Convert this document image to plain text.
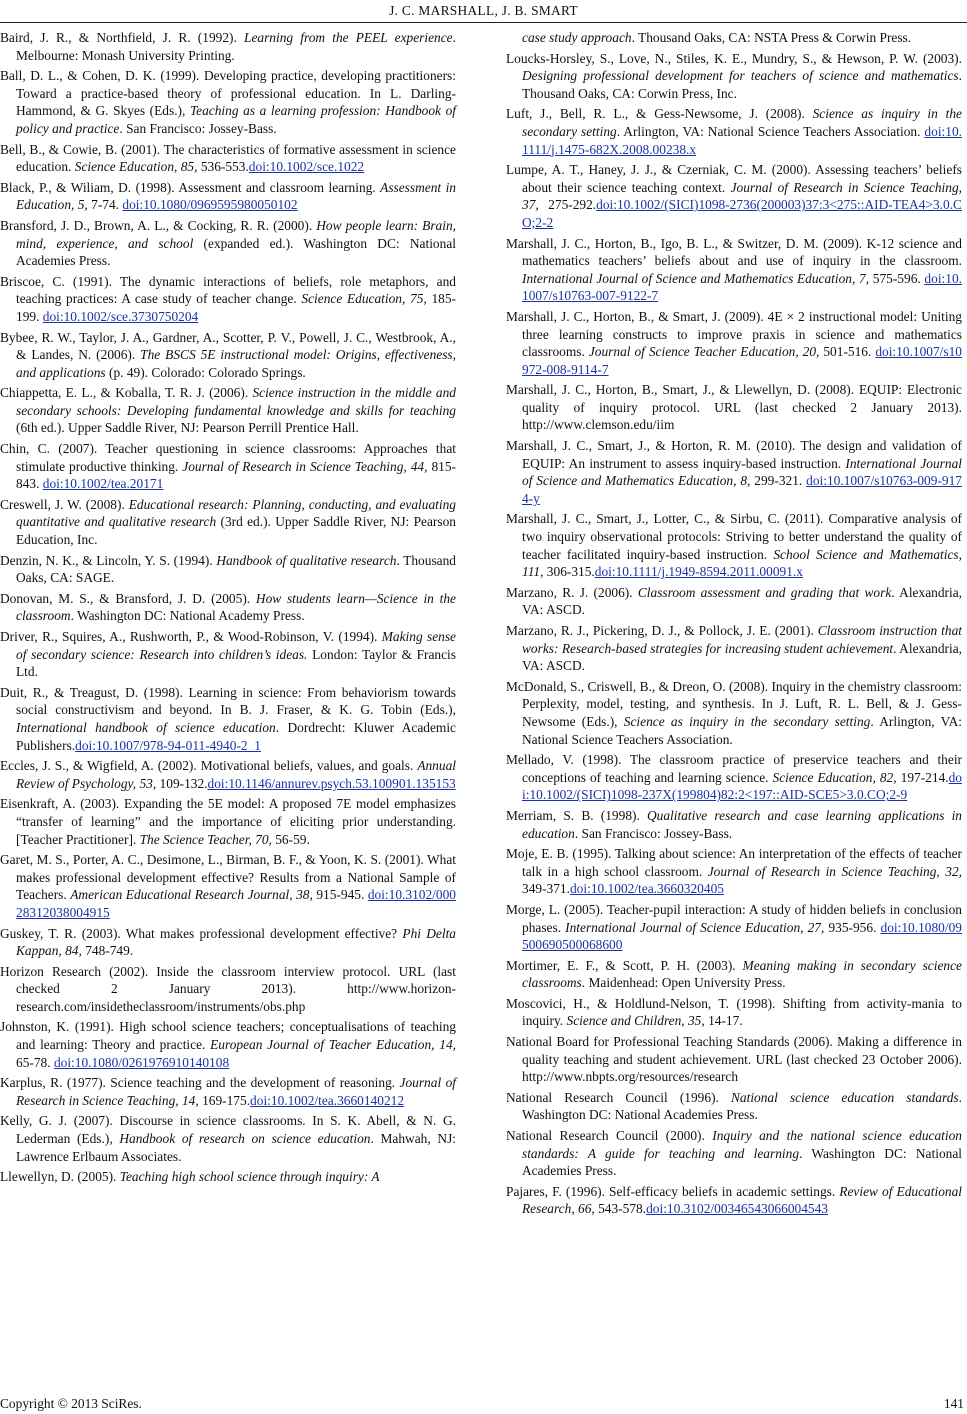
J. C. MARSHALL, J. B. SMART
Baird, J. R., & Northfield, J. R. (1992). Learning from the PEEL experience. Melbourne: Monash University Printing.
Ball, D. L., & Cohen, D. K. (1999). Developing practice, developing practitioners: Toward a practice-based theory of professional education. In L. Darling-Hammond, & G. Skyes (Eds.), Teaching as a learning profession: Handbook of policy and practice. San Francisco: Jossey-Bass.
Bell, B., & Cowie, B. (2001). The characteristics of formative assessment in science education. Science Education, 85, 536-553.doi:10.1002/sce.1022
Black, P., & Wiliam, D. (1998). Assessment and classroom learning. Assessment in Education, 5, 7-74. doi:10.1080/0969595980050102
Bransford, J. D., Brown, A. L., & Cocking, R. R. (2000). How people learn: Brain, mind, experience, and school (expanded ed.). Washington DC: National Academies Press.
Briscoe, C. (1991). The dynamic interactions of beliefs, role metaphors, and teaching practices: A case study of teacher change. Science Education, 75, 185-199. doi:10.1002/sce.3730750204
Bybee, R. W., Taylor, J. A., Gardner, A., Scotter, P. V., Powell, J. C., Westbrook, A., & Landes, N. (2006). The BSCS 5E instructional model: Origins, effectiveness, and applications (p. 49). Colorado: Colorado Springs.
Chiappetta, E. L., & Koballa, T. R. J. (2006). Science instruction in the middle and secondary schools: Developing fundamental knowledge and skills for teaching (6th ed.). Upper Saddle River, NJ: Pearson Perrill Prentice Hall.
Chin, C. (2007). Teacher questioning in science classrooms: Approaches that stimulate productive thinking. Journal of Research in Science Teaching, 44, 815-843. doi:10.1002/tea.20171
Creswell, J. W. (2008). Educational research: Planning, conducting, and evaluating quantitative and qualitative research (3rd ed.). Upper Saddle River, NJ: Pearson Education, Inc.
Denzin, N. K., & Lincoln, Y. S. (1994). Handbook of qualitative research. Thousand Oaks, CA: SAGE.
Donovan, M. S., & Bransford, J. D. (2005). How students learn—Science in the classroom. Washington DC: National Academy Press.
Driver, R., Squires, A., Rushworth, P., & Wood-Robinson, V. (1994). Making sense of secondary science: Research into children’s ideas. London: Taylor & Francis Ltd.
Duit, R., & Treagust, D. (1998). Learning in science: From behaviorism towards social constructivism and beyond. In B. J. Fraser, & K. G. Tobin (Eds.), International handbook of science education. Dordrecht: Kluwer Academic Publishers.doi:10.1007/978-94-011-4940-2_1
Eccles, J. S., & Wigfield, A. (2002). Motivational beliefs, values, and goals. Annual Review of Psychology, 53, 109-132.doi:10.1146/annurev.psych.53.100901.135153
Eisenkraft, A. (2003). Expanding the 5E model: A proposed 7E model emphasizes “transfer of learning” and the importance of eliciting prior understanding. [Teacher Practitioner]. The Science Teacher, 70, 56-59.
Garet, M. S., Porter, A. C., Desimone, L., Birman, B. F., & Yoon, K. S. (2001). What makes professional development effective? Results from a National Sample of Teachers. American Educational Research Journal, 38, 915-945. doi:10.3102/00028312038004915
Guskey, T. R. (2003). What makes professional development effective? Phi Delta Kappan, 84, 748-749.
Horizon Research (2002). Inside the classroom interview protocol. URL (last checked 2 January 2013). http://www.horizon-research.com/insidetheclassroom/instruments/obs.php
Johnston, K. (1991). High school science teachers; conceptualisations of teaching and learning: Theory and practice. European Journal of Teacher Education, 14, 65-78. doi:10.1080/0261976910140108
Karplus, R. (1977). Science teaching and the development of reasoning. Journal of Research in Science Teaching, 14, 169-175.doi:10.1002/tea.3660140212
Kelly, G. J. (2007). Discourse in science classrooms. In S. K. Abell, & N. G. Lederman (Eds.), Handbook of research on science education. Mahwah, NJ: Lawrence Erlbaum Associates.
Llewellyn, D. (2005). Teaching high school science through inquiry: A
case study approach. Thousand Oaks, CA: NSTA Press & Corwin Press.
Loucks-Horsley, S., Love, N., Stiles, K. E., Mundry, S., & Hewson, P. W. (2003). Designing professional development for teachers of science and mathematics. Thousand Oaks, CA: Corwin Press, Inc.
Luft, J., Bell, R. L., & Gess-Newsome, J. (2008). Science as inquiry in the secondary setting. Arlington, VA: National Science Teachers Association. doi:10.1111/j.1475-682X.2008.00238.x
Lumpe, A. T., Haney, J. J., & Czerniak, C. M. (2000). Assessing teachers’ beliefs about their science teaching context. Journal of Research in Science Teaching, 37, 275-292.doi:10.1002/(SICI)1098-2736(200003)37:3<275::AID-TEA4>3.0.CO;2-2
Marshall, J. C., Horton, B., Igo, B. L., & Switzer, D. M. (2009). K-12 science and mathematics teachers’ beliefs about and use of inquiry in the classroom. International Journal of Science and Mathematics Education, 7, 575-596. doi:10.1007/s10763-007-9122-7
Marshall, J. C., Horton, B., & Smart, J. (2009). 4E × 2 instructional model: Uniting three learning constructs to improve praxis in science and mathematics classrooms. Journal of Science Teacher Education, 20, 501-516. doi:10.1007/s10972-008-9114-7
Marshall, J. C., Horton, B., Smart, J., & Llewellyn, D. (2008). EQUIP: Electronic quality of inquiry protocol. URL (last checked 2 January 2013). http://www.clemson.edu/iim
Marshall, J. C., Smart, J., & Horton, R. M. (2010). The design and validation of EQUIP: An instrument to assess inquiry-based instruction. International Journal of Science and Mathematics Education, 8, 299-321. doi:10.1007/s10763-009-9174-y
Marshall, J. C., Smart, J., Lotter, C., & Sirbu, C. (2011). Comparative analysis of two inquiry observational protocols: Striving to better understand the quality of teacher facilitated inquiry-based instruction. School Science and Mathematics, 111, 306-315.doi:10.1111/j.1949-8594.2011.00091.x
Marzano, R. J. (2006). Classroom assessment and grading that work. Alexandria, VA: ASCD.
Marzano, R. J., Pickering, D. J., & Pollock, J. E. (2001). Classroom instruction that works: Research-based strategies for increasing student achievement. Alexandria, VA: ASCD.
McDonald, S., Criswell, B., & Dreon, O. (2008). Inquiry in the chemistry classroom: Perplexity, model, testing, and synthesis. In J. Luft, R. L. Bell, & J. Gess-Newsome (Eds.), Science as inquiry in the secondary setting. Arlington, VA: National Science Teachers Association.
Mellado, V. (1998). The classroom practice of preservice teachers and their conceptions of teaching and learning science. Science Education, 82, 197-214.doi:10.1002/(SICI)1098-237X(199804)82:2<197::AID-SCE5>3.0.CO;2-9
Merriam, S. B. (1998). Qualitative research and case learning applications in education. San Francisco: Jossey-Bass.
Moje, E. B. (1995). Talking about science: An interpretation of the effects of teacher talk in a high school classroom. Journal of Research in Science Teaching, 32, 349-371.doi:10.1002/tea.3660320405
Morge, L. (2005). Teacher-pupil interaction: A study of hidden beliefs in conclusion phases. International Journal of Science Education, 27, 935-956. doi:10.1080/09500690500068600
Mortimer, E. F., & Scott, P. H. (2003). Meaning making in secondary science classrooms. Maidenhead: Open University Press.
Moscovici, H., & Holdlund-Nelson, T. (1998). Shifting from activity-mania to inquiry. Science and Children, 35, 14-17.
National Board for Professional Teaching Standards (2006). Making a difference in quality teaching and student achievement. URL (last checked 23 October 2006). http://www.nbpts.org/resources/research
National Research Council (1996). National science education standards. Washington DC: National Academies Press.
National Research Council (2000). Inquiry and the national science education standards: A guide for teaching and learning. Washington DC: National Academies Press.
Pajares, F. (1996). Self-efficacy beliefs in academic settings. Review of Educational Research, 66, 543-578.doi:10.3102/00346543066004543
Copyright © 2013 SciRes.	141
